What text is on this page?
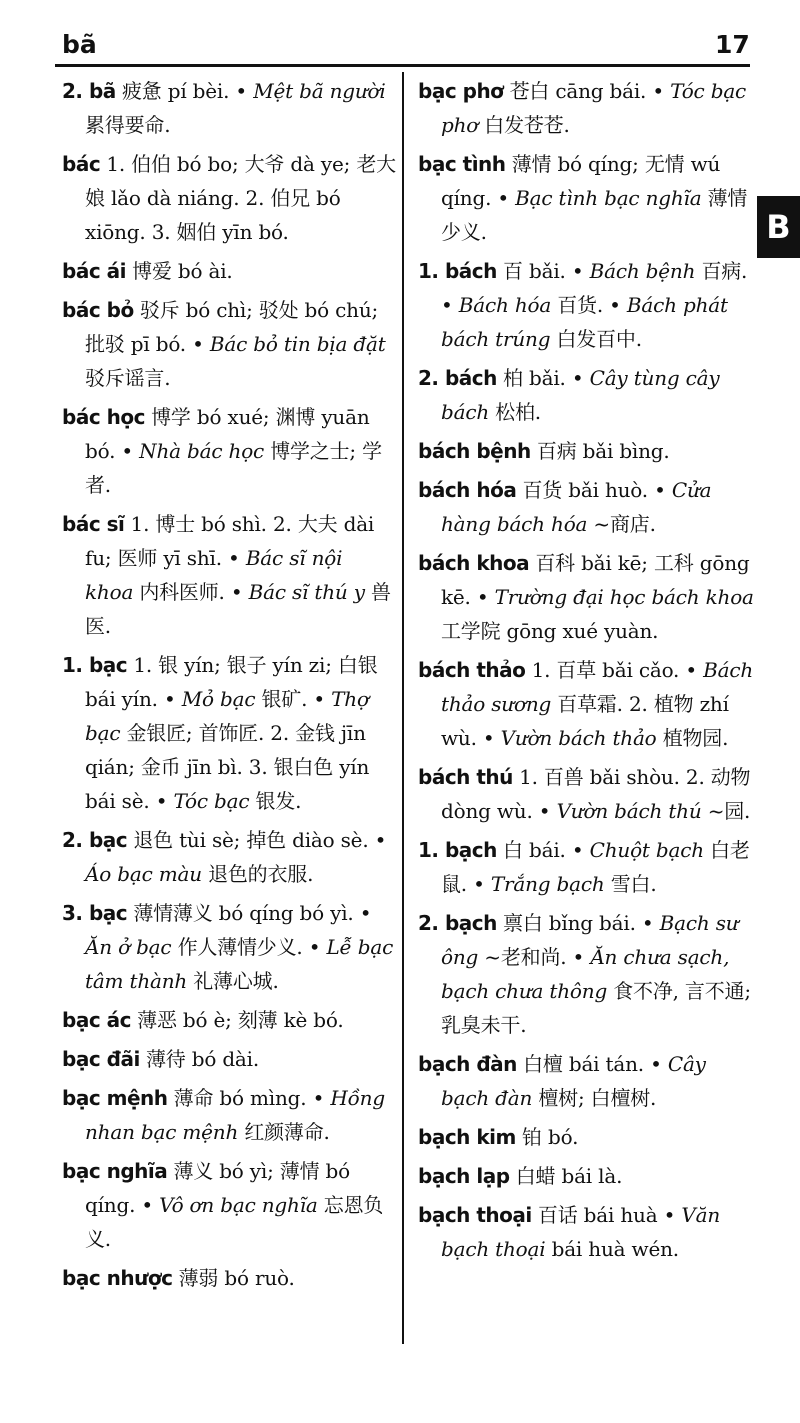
bã	17
B
2. bã 疲惫 pí bèi. • Mệt bã người 累得要命.
bác 1. 伯伯 bó bo; 大爷 dà ye; 老大娘 lǎo dà niáng. 2. 伯兄 bó xiōng. 3. 姻伯 yīn bó.
bác ái 博爱 bó ài.
bác bỏ 驳斥 bó chì; 驳处 bó chú; 批驳 pī bó. • Bác bỏ tin bịa đặt 驳斥谣言.
bác học 博学 bó xué; 渊博 yuān bó. • Nhà bác học 博学之士; 学者.
bác sĩ 1. 博士 bó shì. 2. 大夫 dài fu; 医师 yī shī. • Bác sĩ nội khoa 内科医师. • Bác sĩ thú y 兽医.
1. bạc 1. 银 yín; 银子 yín zi; 白银 bái yín. • Mỏ bạc 银矿. • Thợ bạc 金银匠; 首饰匠. 2. 金钱 jīn qián; 金币 jīn bì. 3. 银白色 yín bái sè. • Tóc bạc 银发.
2. bạc 退色 tùi sè; 掉色 diào sè. • Áo bạc màu 退色的衣服.
3. bạc 薄情薄义 bó qíng bó yì. • Ăn ở bạc 作人薄情少义. • Lễ bạc tâm thành 礼薄心城.
bạc ác 薄恶 bó è; 刻薄 kè bó.
bạc đãi 薄待 bó dài.
bạc mệnh 薄命 bó mìng. • Hồng nhan bạc mệnh 红颜薄命.
bạc nghĩa 薄义 bó yì; 薄情 bó qíng. • Vô ơn bạc nghĩa 忘恩负义.
bạc nhược 薄弱 bó ruò.
bạc phơ 苍白 cāng bái. • Tóc bạc phơ 白发苍苍.
bạc tình 薄情 bó qíng; 无情 wú qíng. • Bạc tình bạc nghĩa 薄情少义.
1. bách 百 bǎi. • Bách bệnh 百病. • Bách hóa 百货. • Bách phát bách trúng 白发百中.
2. bách 柏 bǎi. • Cây tùng cây bách 松柏.
bách bệnh 百病 bǎi bìng.
bách hóa 百货 bǎi huò. • Cửa hàng bách hóa ~商店.
bách khoa 百科 bǎi kē; 工科 gōng kē. • Trường đại học bách khoa 工学院 gōng xué yuàn.
bách thảo 1. 百草 bǎi cǎo. • Bách thảo sương 百草霜. 2. 植物 zhí wù. • Vườn bách thảo 植物园.
bách thú 1. 百兽 bǎi shòu. 2. 动物 dòng wù. • Vườn bách thú ~园.
1. bạch 白 bái. • Chuột bạch 白老鼠. • Trắng bạch 雪白.
2. bạch 禀白 bǐng bái. • Bạch sư ông ~老和尚. • Ăn chưa sạch, bạch chưa thông 食不净, 言不通; 乳臭未干.
bạch đàn 白檀 bái tán. • Cây bạch đàn 檀树; 白檀树.
bạch kim 铂 bó.
bạch lạp 白蜡 bái là.
bạch thoại 百话 bái huà • Văn bạch thoại bái huà wén.
